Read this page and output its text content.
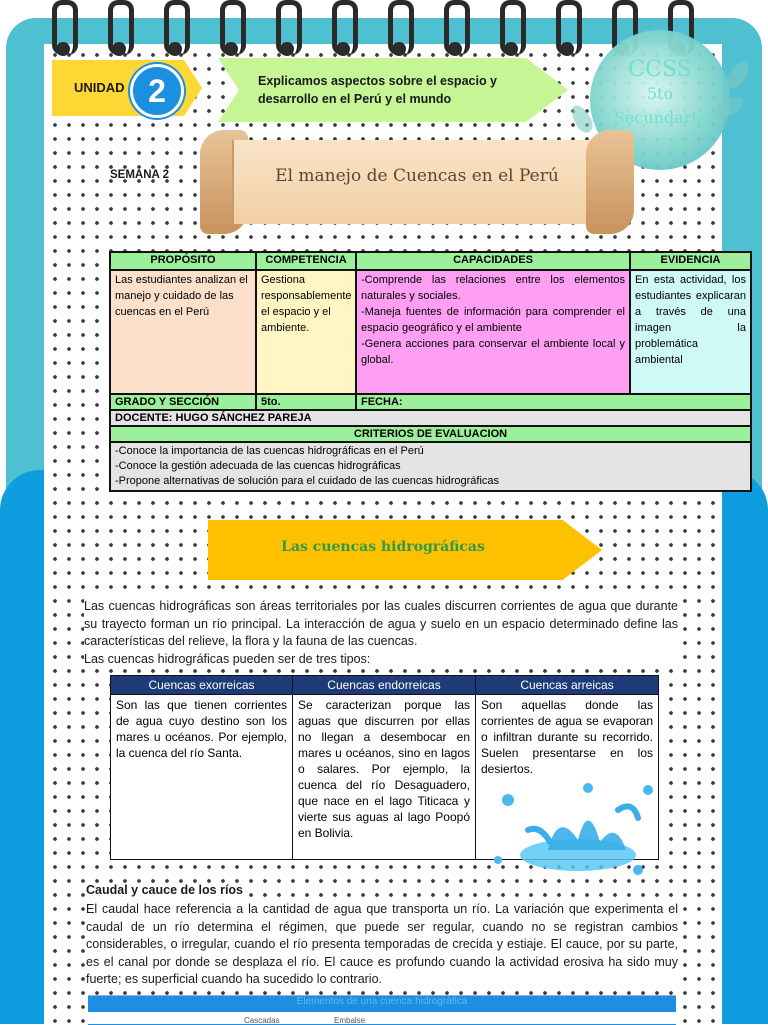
UNIDAD 2	Explicamos aspectos sobre el espacio y
desarrollo en el Perú y el mundo
CCSS
5to
Secundaria
SEMANA 2	El manejo de Cuencas en el Perú
PROPÓSITO	COMPETENCIA	CAPACIDADES	EVIDENCIA
Las estudiantes analizan el manejo y cuidado de las cuencas en el Perú	Gestiona responsablemente el espacio y el ambiente.	-Comprende las relaciones entre los elementos naturales y sociales.
-Maneja fuentes de información para comprender el espacio geográfico y el ambiente
-Genera acciones para conservar el ambiente local y global.	En esta actividad, los estudiantes explicaran a través de una imagen la problemática ambiental
GRADO Y SECCIÓN	5to.	FECHA:	
DOCENTE: HUGO SÁNCHEZ PAREJA			
CRITERIOS DE EVALUACION			

-Conoce la importancia de las cuencas hidrográficas en el Perú
-Conoce la gestión adecuada de las cuencas hidrográficas
-Propone alternativas de solución para el cuidado de las cuencas hidrográficas			
Las cuencas hidrográficas
Las cuencas hidrográficas son áreas territoriales por las cuales discurren corrientes de agua que durante su trayecto forman un río principal. La interacción de agua y suelo en un espacio determinado define las características del relieve, la flora y la fauna de las cuencas.
Las cuencas hidrográficas pueden ser de tres tipos:
Cuencas exorreicas	Cuencas endorreicas	Cuencas arreicas
Son las que tienen corrientes de agua cuyo destino son los mares u océanos. Por ejemplo, la cuenca del río Santa.	Se caracterizan porque las aguas que discurren por ellas no llegan a desembocar en mares u océanos, sino en lagos o salares. Por ejemplo, la cuenca del río Desaguadero, que nace en el lago Titicaca y vierte sus aguas al lago Poopó en Bolivia.	Son aquellas donde las corrientes de agua se evaporan o infiltran durante su recorrido. Suelen presentarse en los desiertos.
Caudal y cauce de los ríos
El caudal hace referencia a la cantidad de agua que transporta un río. La variación que experimenta el caudal de un río determina el régimen, que puede ser regular, cuando no se registran cambios considerables, o irregular, cuando el río presenta temporadas de crecida y estiaje. El cauce, por su parte, es el canal por donde se desplaza el río. El cauce es profundo cuando la actividad erosiva ha sido muy fuerte; es superficial cuando ha sucedido lo contrario.
Elementos de una cuenca hidrográfica
Cascadas	Embalse
